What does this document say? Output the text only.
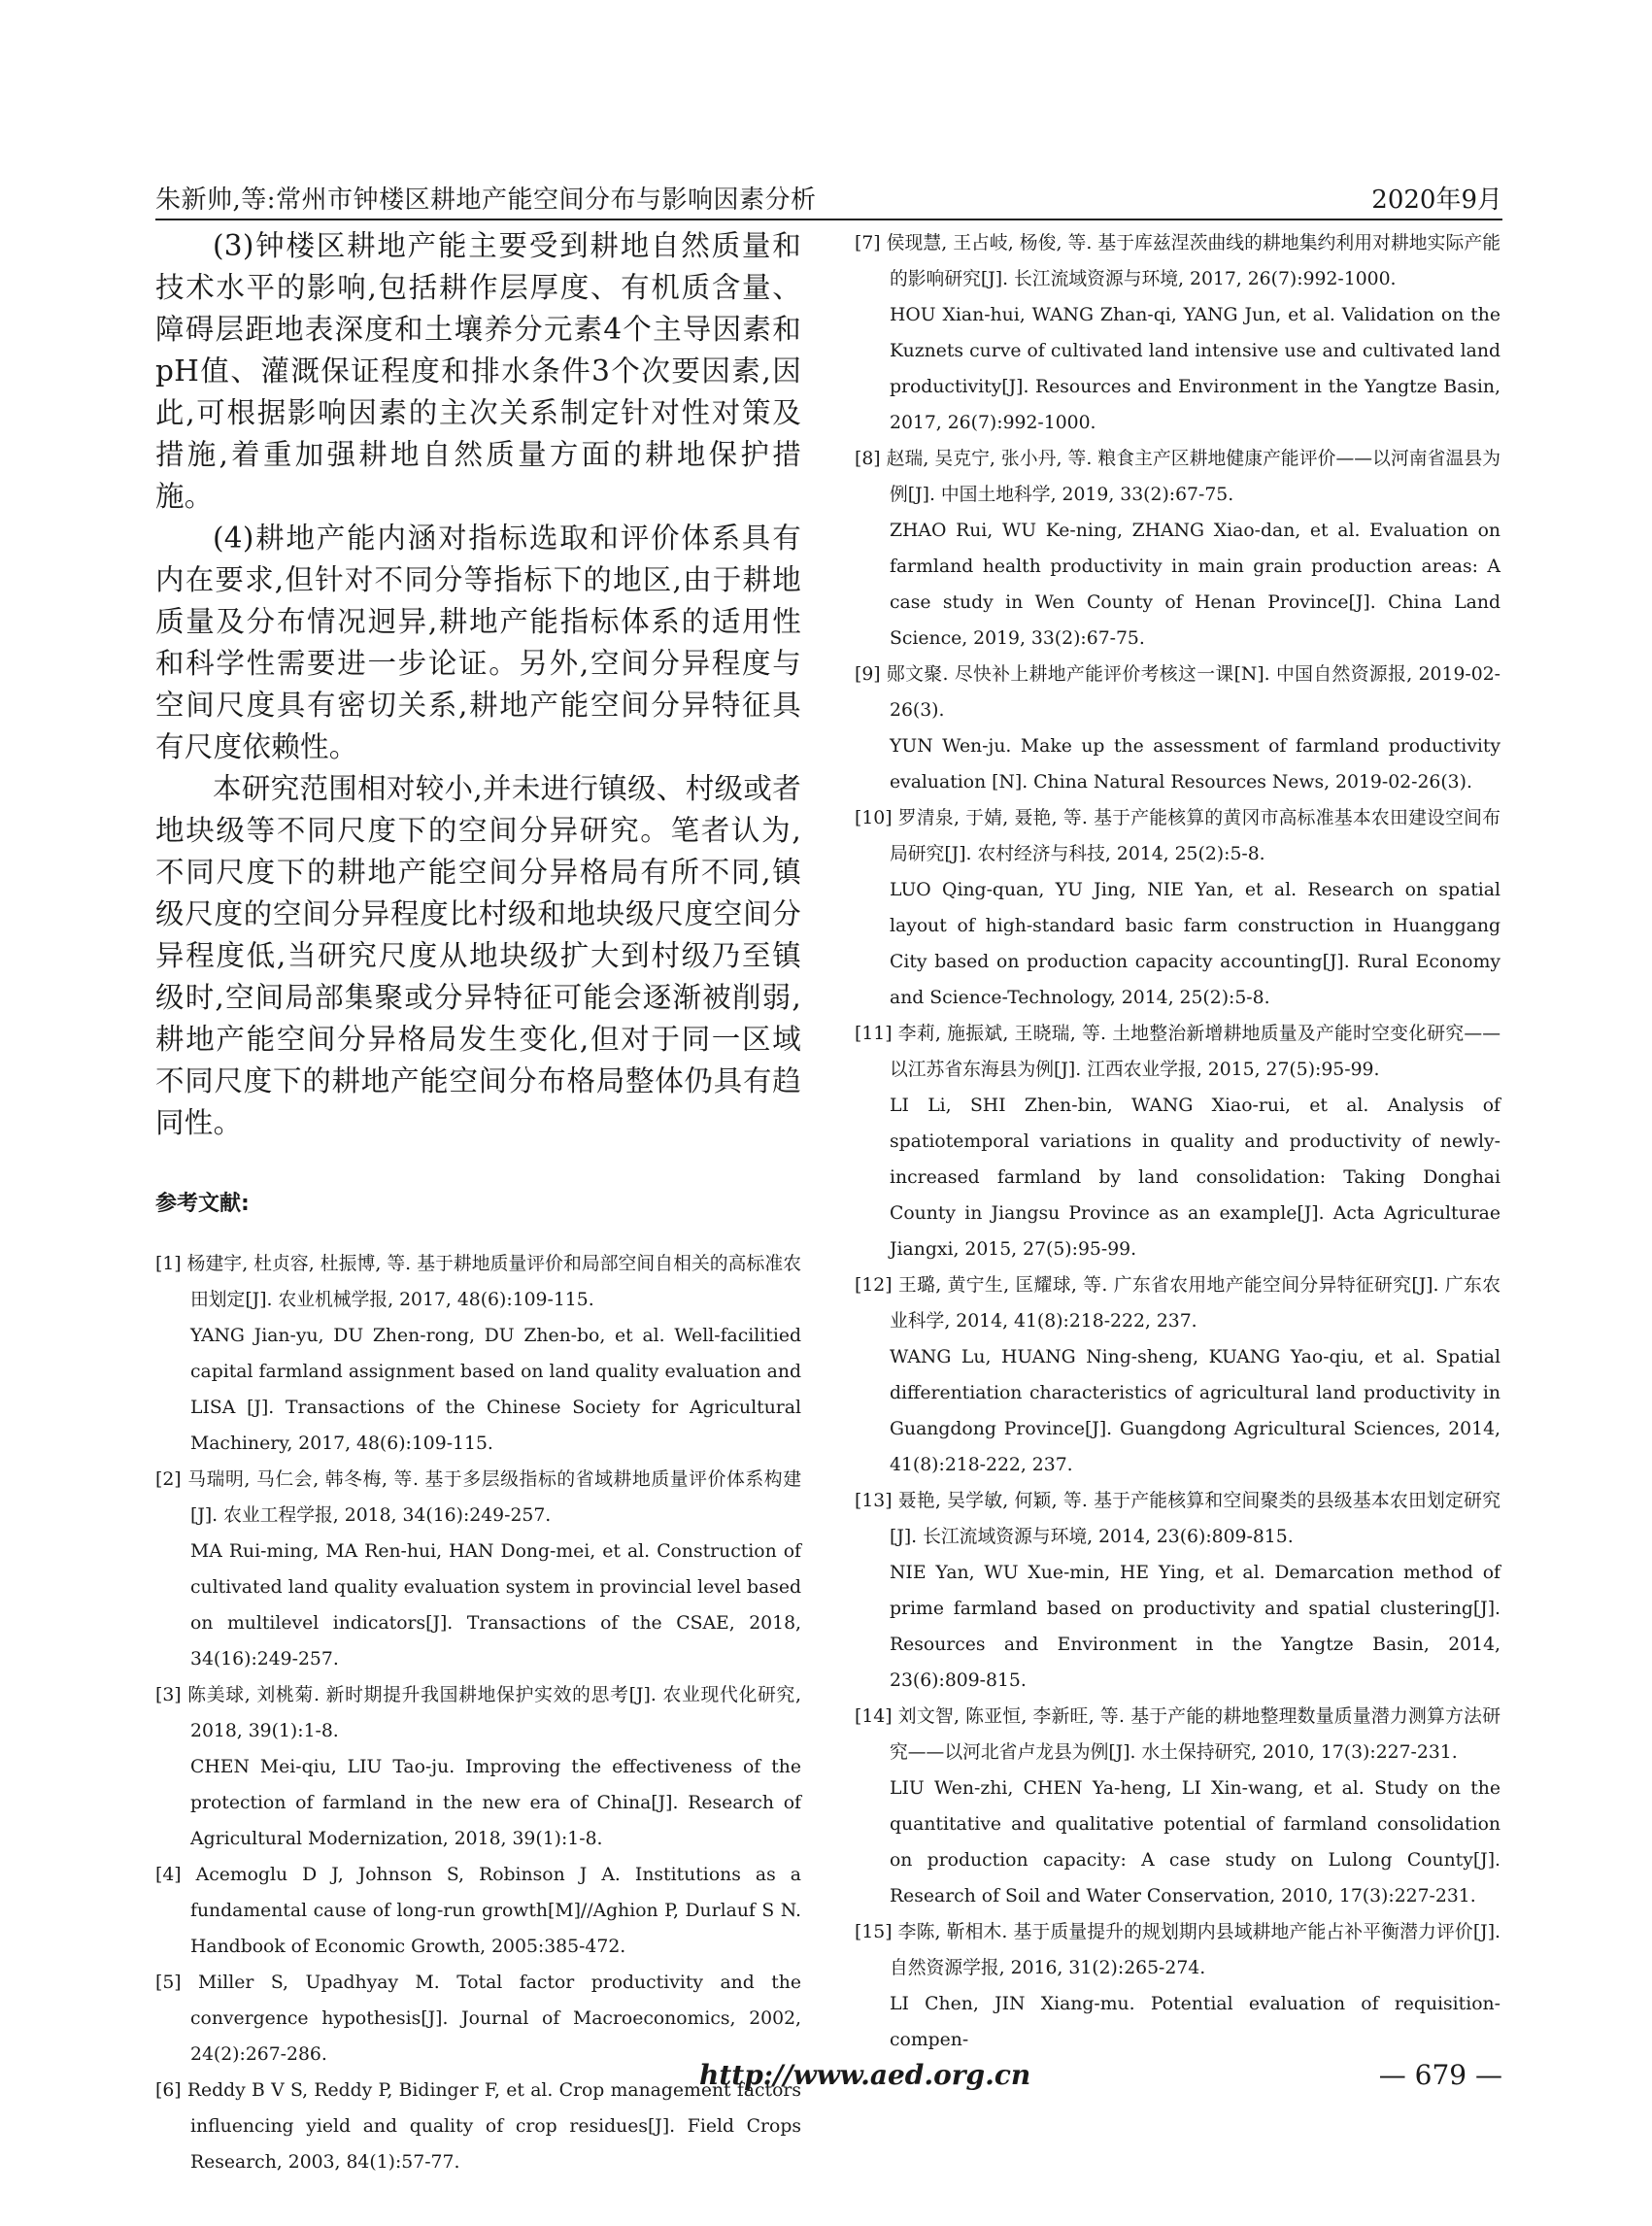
朱新帅,等:常州市钟楼区耕地产能空间分布与影响因素分析	2020年9月

(3)钟楼区耕地产能主要受到耕地自然质量和技术水平的影响,包括耕作层厚度、有机质含量、障碍层距地表深度和土壤养分元素4个主导因素和pH值、灌溉保证程度和排水条件3个次要因素,因此,可根据影响因素的主次关系制定针对性对策及措施,着重加强耕地自然质量方面的耕地保护措施。

(4)耕地产能内涵对指标选取和评价体系具有内在要求,但针对不同分等指标下的地区,由于耕地质量及分布情况迥异,耕地产能指标体系的适用性和科学性需要进一步论证。另外,空间分异程度与空间尺度具有密切关系,耕地产能空间分异特征具有尺度依赖性。

本研究范围相对较小,并未进行镇级、村级或者地块级等不同尺度下的空间分异研究。笔者认为,不同尺度下的耕地产能空间分异格局有所不同,镇级尺度的空间分异程度比村级和地块级尺度空间分异程度低,当研究尺度从地块级扩大到村级乃至镇级时,空间局部集聚或分异特征可能会逐渐被削弱,耕地产能空间分异格局发生变化,但对于同一区域不同尺度下的耕地产能空间分布格局整体仍具有趋同性。

参考文献:
[1] 杨建宇, 杜贞容, 杜振博, 等. 基于耕地质量评价和局部空间自相关的高标准农田划定[J]. 农业机械学报, 2017, 48(6):109-115.
YANG Jian-yu, DU Zhen-rong, DU Zhen-bo, et al. Well-facilitied capital farmland assignment based on land quality evaluation and LISA [J]. Transactions of the Chinese Society for Agricultural Machinery, 2017, 48(6):109-115.
[2] 马瑞明, 马仁会, 韩冬梅, 等. 基于多层级指标的省域耕地质量评价体系构建[J]. 农业工程学报, 2018, 34(16):249-257.
MA Rui-ming, MA Ren-hui, HAN Dong-mei, et al. Construction of cultivated land quality evaluation system in provincial level based on multilevel indicators[J]. Transactions of the CSAE, 2018, 34(16):249-257.
[3] 陈美球, 刘桃菊. 新时期提升我国耕地保护实效的思考[J]. 农业现代化研究, 2018, 39(1):1-8.
CHEN Mei-qiu, LIU Tao-ju. Improving the effectiveness of the protection of farmland in the new era of China[J]. Research of Agricultural Modernization, 2018, 39(1):1-8.
[4] Acemoglu D J, Johnson S, Robinson J A. Institutions as a fundamental cause of long-run growth[M]//Aghion P, Durlauf S N. Handbook of Economic Growth, 2005:385-472.
[5] Miller S, Upadhyay M. Total factor productivity and the convergence hypothesis[J]. Journal of Macroeconomics, 2002, 24(2):267-286.
[6] Reddy B V S, Reddy P, Bidinger F, et al. Crop management factors influencing yield and quality of crop residues[J]. Field Crops Research, 2003, 84(1):57-77.
[7] 侯现慧, 王占岐, 杨俊, 等. 基于库兹涅茨曲线的耕地集约利用对耕地实际产能的影响研究[J]. 长江流域资源与环境, 2017, 26(7):992-1000.
HOU Xian-hui, WANG Zhan-qi, YANG Jun, et al. Validation on the Kuznets curve of cultivated land intensive use and cultivated land productivity[J]. Resources and Environment in the Yangtze Basin, 2017, 26(7):992-1000.
[8] 赵瑞, 吴克宁, 张小丹, 等. 粮食主产区耕地健康产能评价——以河南省温县为例[J]. 中国土地科学, 2019, 33(2):67-75.
ZHAO Rui, WU Ke-ning, ZHANG Xiao-dan, et al. Evaluation on farmland health productivity in main grain production areas: A case study in Wen County of Henan Province[J]. China Land Science, 2019, 33(2):67-75.
[9] 郧文聚. 尽快补上耕地产能评价考核这一课[N]. 中国自然资源报, 2019-02-26(3).
YUN Wen-ju. Make up the assessment of farmland productivity evaluation [N]. China Natural Resources News, 2019-02-26(3).
[10] 罗清泉, 于婧, 聂艳, 等. 基于产能核算的黄冈市高标准基本农田建设空间布局研究[J]. 农村经济与科技, 2014, 25(2):5-8.
LUO Qing-quan, YU Jing, NIE Yan, et al. Research on spatial layout of high-standard basic farm construction in Huanggang City based on production capacity accounting[J]. Rural Economy and Science-Technology, 2014, 25(2):5-8.
[11] 李莉, 施振斌, 王晓瑞, 等. 土地整治新增耕地质量及产能时空变化研究——以江苏省东海县为例[J]. 江西农业学报, 2015, 27(5):95-99.
LI Li, SHI Zhen-bin, WANG Xiao-rui, et al. Analysis of spatiotemporal variations in quality and productivity of newly-increased farmland by land consolidation: Taking Donghai County in Jiangsu Province as an example[J]. Acta Agriculturae Jiangxi, 2015, 27(5):95-99.
[12] 王璐, 黄宁生, 匡耀球, 等. 广东省农用地产能空间分异特征研究[J]. 广东农业科学, 2014, 41(8):218-222, 237.
WANG Lu, HUANG Ning-sheng, KUANG Yao-qiu, et al. Spatial differentiation characteristics of agricultural land productivity in Guangdong Province[J]. Guangdong Agricultural Sciences, 2014, 41(8):218-222, 237.
[13] 聂艳, 吴学敏, 何颖, 等. 基于产能核算和空间聚类的县级基本农田划定研究[J]. 长江流域资源与环境, 2014, 23(6):809-815.
NIE Yan, WU Xue-min, HE Ying, et al. Demarcation method of prime farmland based on productivity and spatial clustering[J]. Resources and Environment in the Yangtze Basin, 2014, 23(6):809-815.
[14] 刘文智, 陈亚恒, 李新旺, 等. 基于产能的耕地整理数量质量潜力测算方法研究——以河北省卢龙县为例[J]. 水土保持研究, 2010, 17(3):227-231.
LIU Wen-zhi, CHEN Ya-heng, LI Xin-wang, et al. Study on the quantitative and qualitative potential of farmland consolidation on production capacity: A case study on Lulong County[J]. Research of Soil and Water Conservation, 2010, 17(3):227-231.
[15] 李陈, 靳相木. 基于质量提升的规划期内县域耕地产能占补平衡潜力评价[J]. 自然资源学报, 2016, 31(2):265-274.
LI Chen, JIN Xiang-mu. Potential evaluation of requisition-compen-
http://www.aed.org.cn	— 679 —
